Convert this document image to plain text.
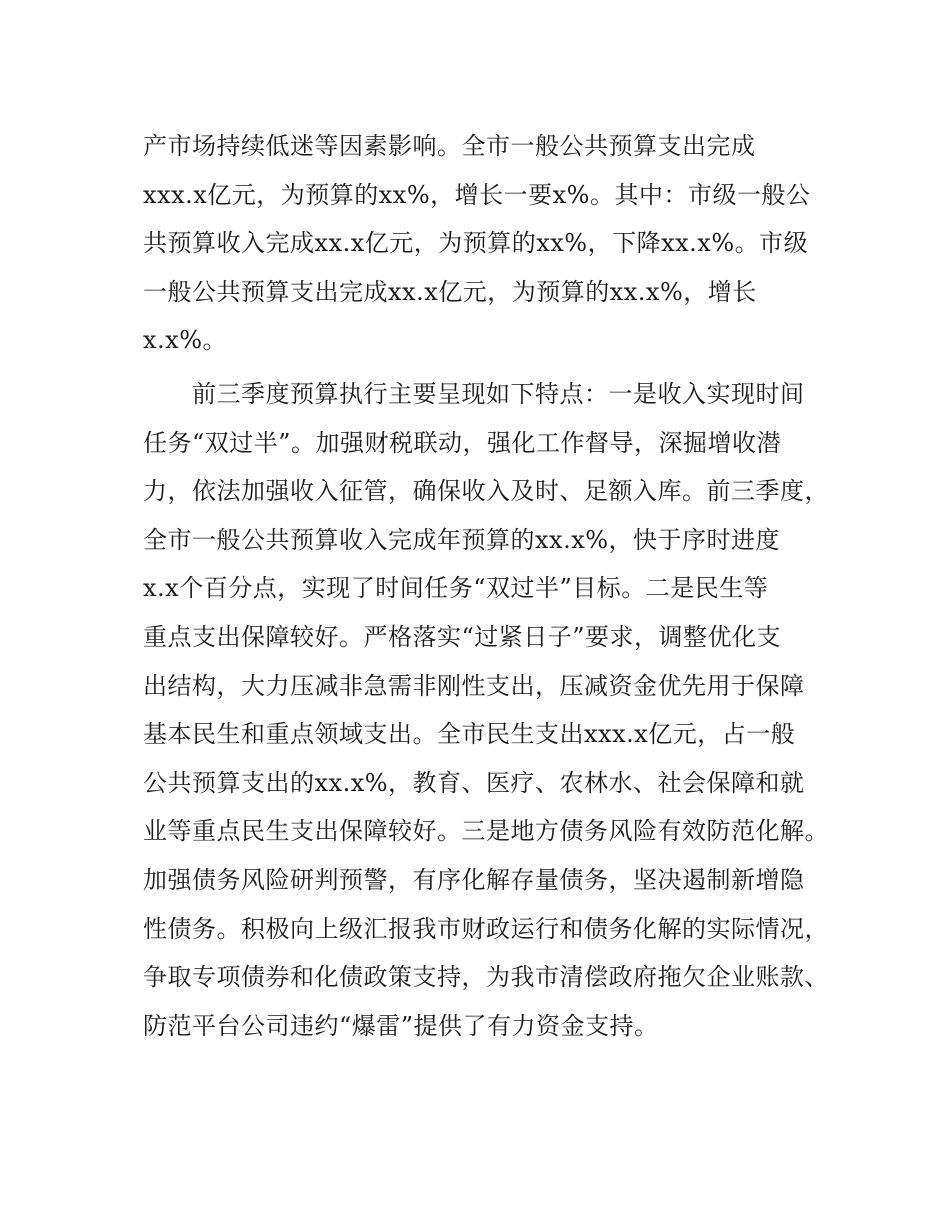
产市场持续低迷等因素影响。全市一般公共预算支出完成
xxx.x亿元，为预算的xx%，增长一要x%。其中：市级一般公
共预算收入完成xx.x亿元，为预算的xx%，下降xx.x%。市级
一般公共预算支出完成xx.x亿元，为预算的xx.x%，增长
x.x%。
　　前三季度预算执行主要呈现如下特点：一是收入实现时间
任务“双过半”。加强财税联动，强化工作督导，深掘增收潜
力，依法加强收入征管，确保收入及时、足额入库。前三季度，
全市一般公共预算收入完成年预算的xx.x%，快于序时进度
x.x个百分点，实现了时间任务“双过半”目标。二是民生等
重点支出保障较好。严格落实“过紧日子”要求，调整优化支
出结构，大力压减非急需非刚性支出，压减资金优先用于保障
基本民生和重点领域支出。全市民生支出xxx.x亿元，占一般
公共预算支出的xx.x%，教育、医疗、农林水、社会保障和就
业等重点民生支出保障较好。三是地方债务风险有效防范化解。
加强债务风险研判预警，有序化解存量债务，坚决遏制新增隐
性债务。积极向上级汇报我市财政运行和债务化解的实际情况，
争取专项债券和化债政策支持，为我市清偿政府拖欠企业账款、
防范平台公司违约“爆雷”提供了有力资金支持。
